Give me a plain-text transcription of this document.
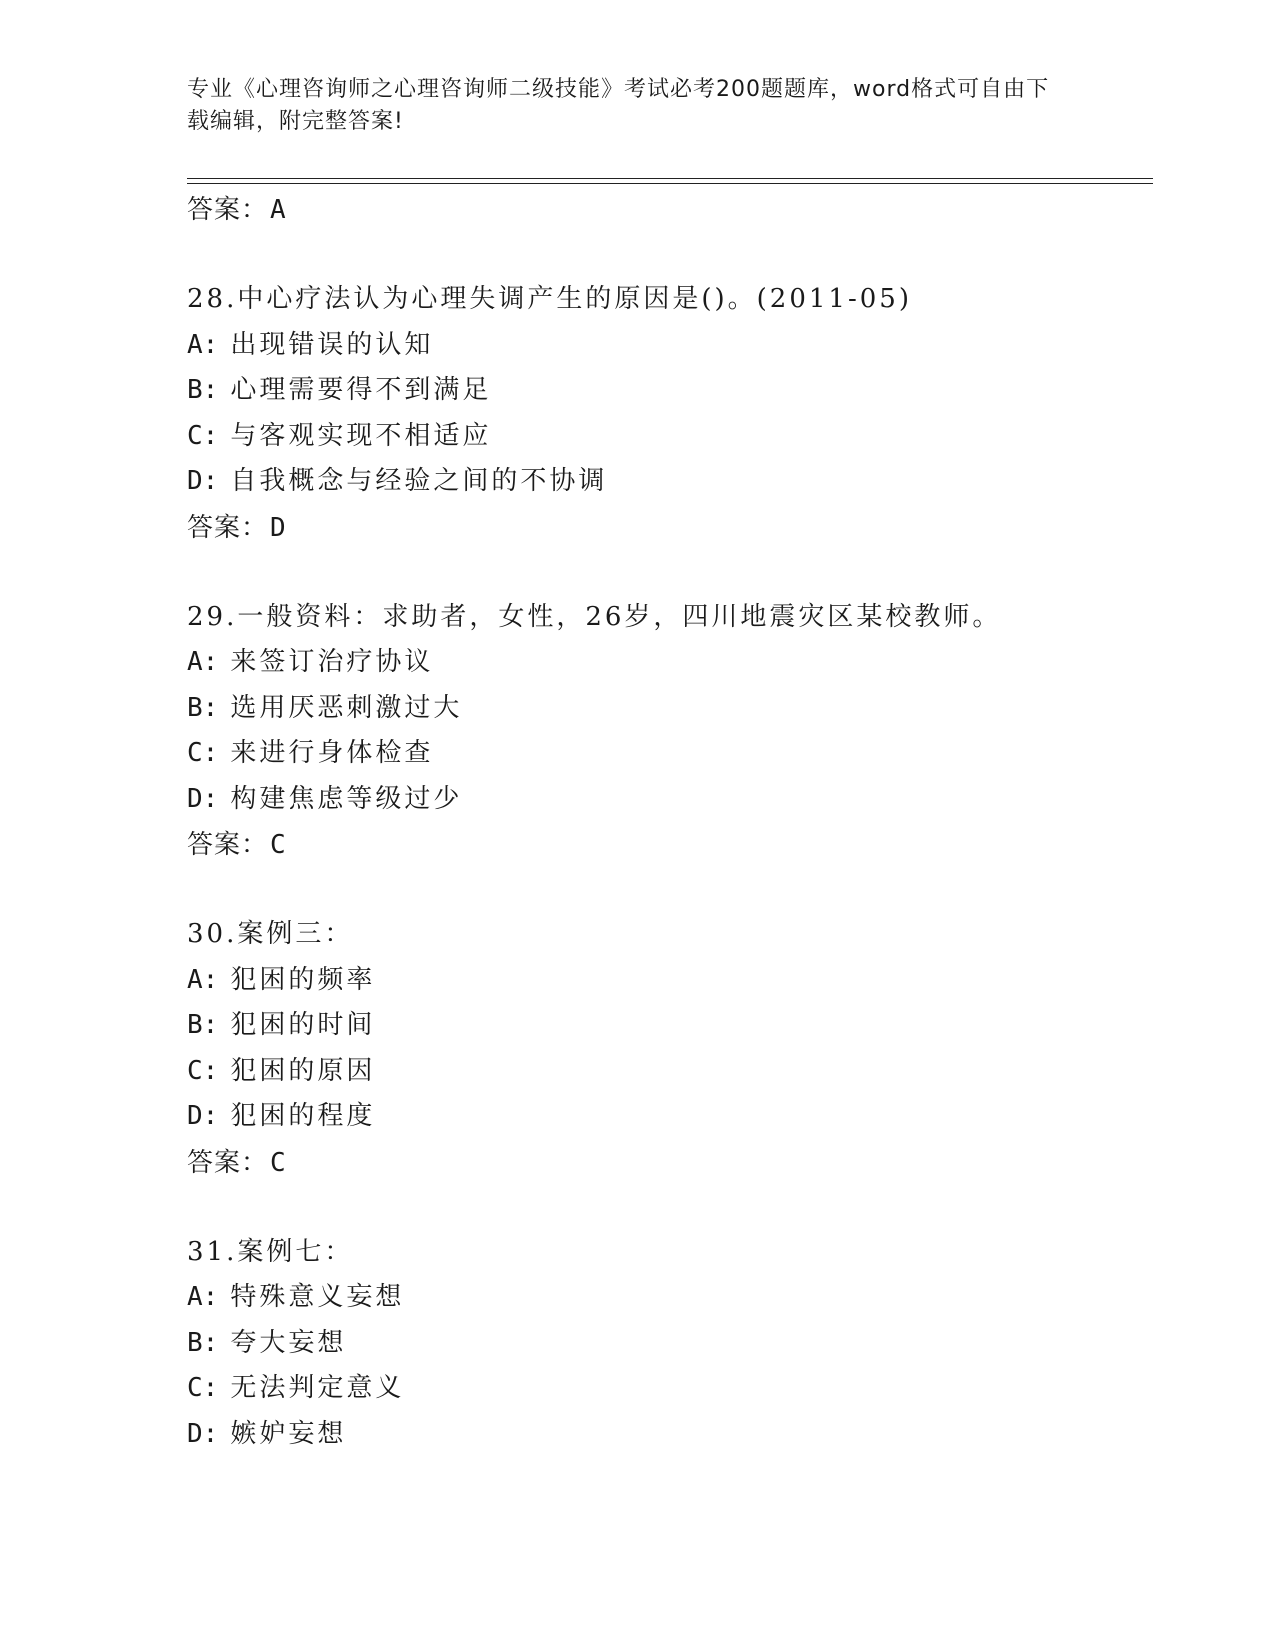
专业《心理咨询师之心理咨询师二级技能》考试必考200题题库，word格式可自由下载编辑，附完整答案!
答案： A
28.中心疗法认为心理失调产生的原因是()。(2011-05)
A: 出现错误的认知
B: 心理需要得不到满足
C: 与客观实现不相适应
D: 自我概念与经验之间的不协调
答案： D
29.一般资料：求助者，女性，26岁，四川地震灾区某校教师。
A: 来签订治疗协议
B: 选用厌恶刺激过大
C: 来进行身体检查
D: 构建焦虑等级过少
答案： C
30.案例三：
A: 犯困的频率
B: 犯困的时间
C: 犯困的原因
D: 犯困的程度
答案： C
31.案例七：
A: 特殊意义妄想
B: 夸大妄想
C: 无法判定意义
D: 嫉妒妄想
